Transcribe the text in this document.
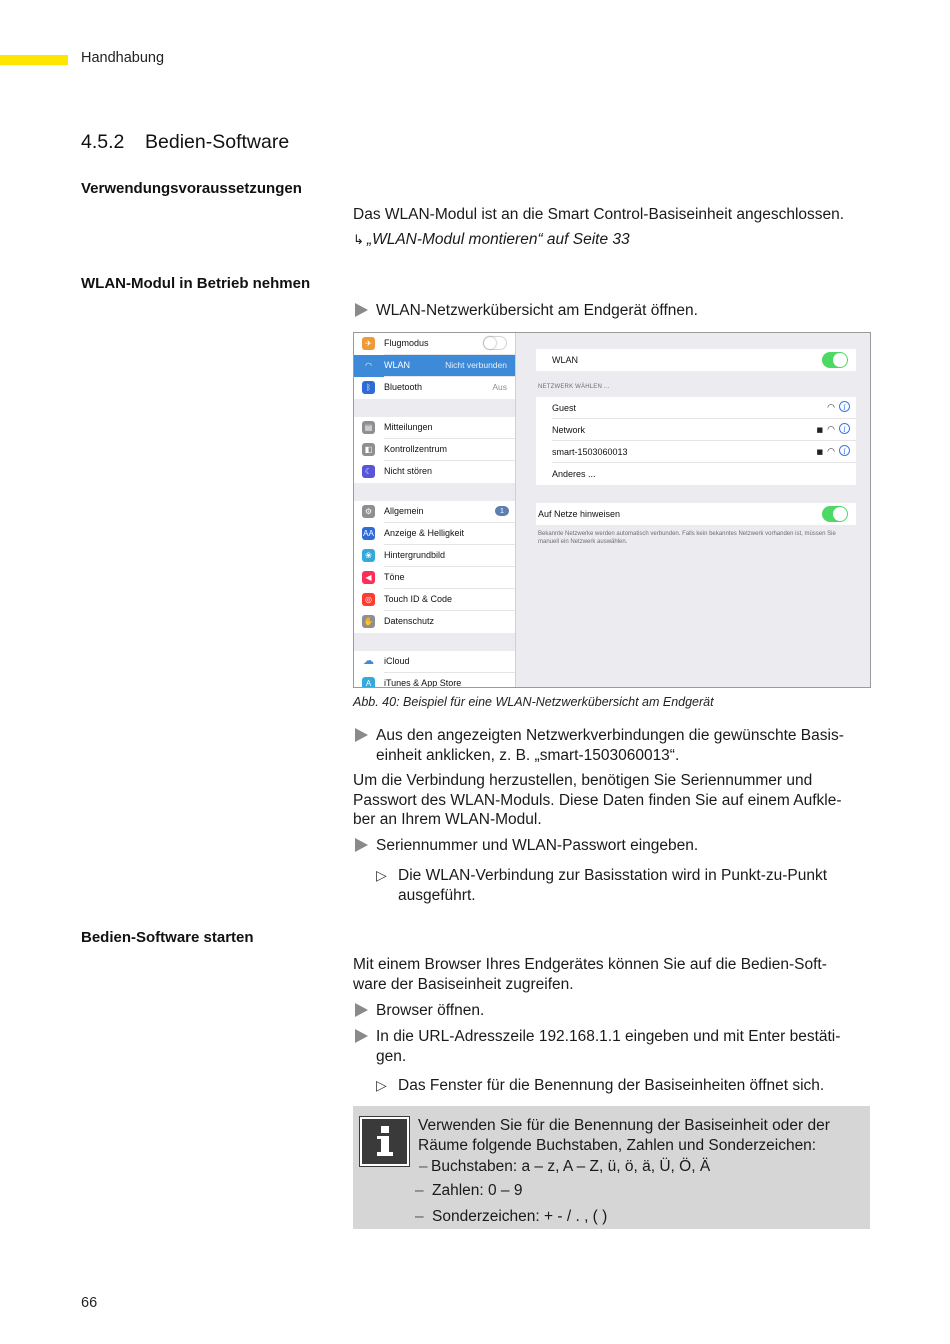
Handhabung
4.5.2 Bedien-Software
Verwendungsvoraussetzungen
Das WLAN-Modul ist an die Smart Control-Basiseinheit angeschlossen.
↳ „WLAN-Modul montieren“ auf Seite 33
WLAN-Modul in Betrieb nehmen
WLAN-Netzwerkübersicht am Endgerät öffnen.
✈	Flugmodus
◠	WLAN	Nicht verbunden
ᛒ	Bluetooth	Aus
▤	Mitteilungen
◧	Kontrollzentrum
☾	Nicht stören
⚙	Allgemein	1
AA Anzeige & Helligkeit
❀	Hintergrundbild
◀	Töne
◎	Touch ID & Code
✋ Datenschutz
☁ iCloud
A	iTunes & App Store
WLAN
NETZWERK WÄHLEN ...
Guest	◠ i
Network	■ ◠ i
smart-1503060013	■ ◠ i
Anderes ...
Auf Netze hinweisen
Bekannte Netzwerke werden automatisch verbunden. Falls kein bekanntes Netzwerk vorhanden ist, müssen Sie manuell ein Netzwerk auswählen.
Abb. 40: Beispiel für eine WLAN-Netzwerkübersicht am Endgerät
Aus den angezeigten Netzwerkverbindungen die gewünschte Basis-
einheit anklicken, z. B. „smart-1503060013“.
Um die Verbindung herzustellen, benötigen Sie Seriennummer und
Passwort des WLAN-Moduls. Diese Daten finden Sie auf einem Aufkle-
ber an Ihrem WLAN-Modul.
Seriennummer und WLAN-Passwort eingeben.
▷ Die WLAN-Verbindung zur Basisstation wird in Punkt-zu-Punkt
ausgeführt.
Bedien-Software starten
Mit einem Browser Ihres Endgerätes können Sie auf die Bedien-Soft-
ware der Basiseinheit zugreifen.
Browser öffnen.
In die URL-Adresszeile 192.168.1.1 eingeben und mit Enter bestäti-
gen.
▷ Das Fenster für die Benennung der Basiseinheiten öffnet sich.
Verwenden Sie für die Benennung der Basiseinheit oder der
Räume folgende Buchstaben, Zahlen und Sonderzeichen:
– Buchstaben: a – z, A – Z, ü, ö, ä, Ü, Ö, Ä
– Zahlen: 0 – 9
– Sonderzeichen: + - / . , ( )
66
